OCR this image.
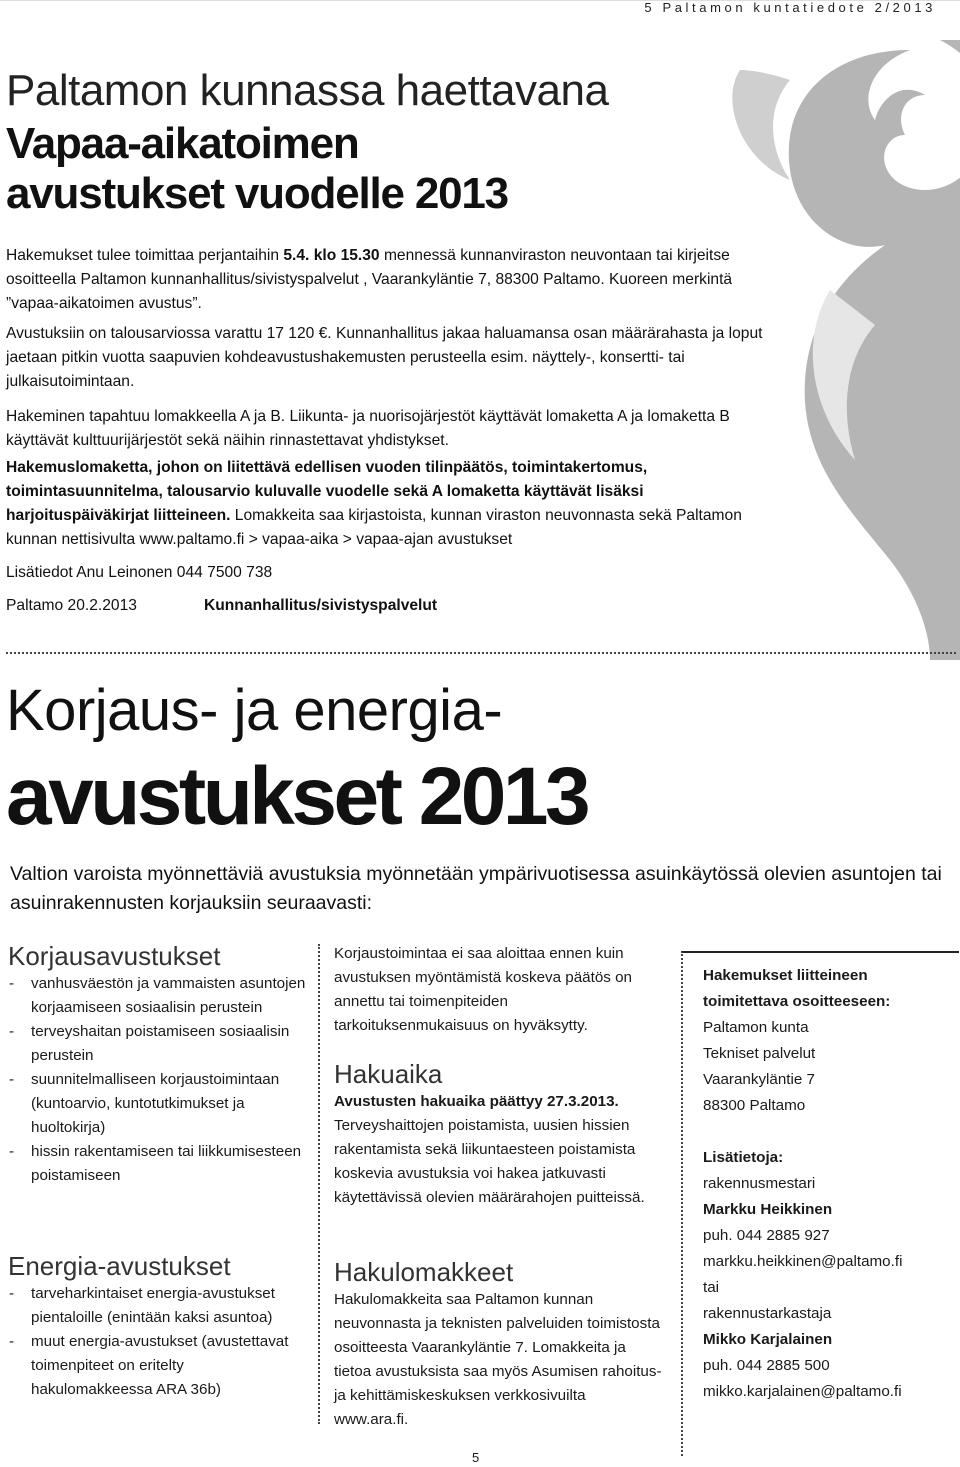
5 Paltamon kuntatiedote 2/2013
Paltamon kunnassa haettavana
Vapaa-aikatoimen
avustukset vuodelle 2013
Hakemukset tulee toimittaa perjantaihin 5.4. klo 15.30 mennessä kunnanviraston neuvontaan tai kirjeitse osoitteella Paltamon kunnanhallitus/sivistyspalvelut , Vaarankyläntie 7, 88300 Paltamo. Kuoreen merkintä ”vapaa-aikatoimen avustus”.
Avustuksiin on talousarviossa varattu 17 120 €. Kunnanhallitus jakaa haluamansa osan määrärahasta ja loput jaetaan pitkin vuotta saapuvien kohdeavustushakemusten perusteella esim. näyttely-, konsertti- tai julkaisutoimintaan.
Hakeminen tapahtuu lomakkeella A ja B. Liikunta- ja nuorisojärjestöt käyttävät lomaketta A ja lomaketta B käyttävät kulttuurijärjestöt sekä näihin rinnastettavat yhdistykset.
Hakemuslomaketta, johon on liitettävä edellisen vuoden tilinpäätös, toimintakertomus, toimintasuunnitelma, talousarvio kuluvalle vuodelle sekä A lomaketta käyttävät lisäksi harjoituspäiväkirjat liitteineen. Lomakkeita saa kirjastoista, kunnan viraston neuvonnasta sekä Paltamon kunnan nettisivulta www.paltamo.fi > vapaa-aika > vapaa-ajan avustukset
Lisätiedot Anu Leinonen 044 7500 738
Paltamo 20.2.2013	Kunnanhallitus/sivistyspalvelut
Korjaus- ja energia-
avustukset 2013
Valtion varoista myönnettäviä avustuksia myönnetään ympärivuotisessa asuinkäytössä olevien asuntojen tai asuinrakennusten korjauksiin seuraavasti:
Korjausavustukset
- vanhusväestön ja vammaisten asuntojen korjaamiseen sosiaalisin perustein
- terveyshaitan poistamiseen sosiaalisin perustein
- suunnitelmalliseen korjaustoimintaan (kuntoarvio, kuntotutkimukset ja huoltokirja)
- hissin rakentamiseen tai liikkumisesteen poistamiseen
Energia-avustukset
- tarveharkintaiset energia-avustukset pientaloille (enintään kaksi asuntoa)
- muut energia-avustukset (avustettavat toimenpiteet on eritelty hakulomakkeessa ARA 36b)
Korjaustoimintaa ei saa aloittaa ennen kuin avustuksen myöntämistä koskeva päätös on annettu tai toimenpiteiden tarkoituksenmukaisuus on hyväksytty.
Hakuaika
Avustusten hakuaika päättyy 27.3.2013.
Terveyshaittojen poistamista, uusien hissien rakentamista sekä liikuntaesteen poistamista koskevia avustuksia voi hakea jatkuvasti käytettävissä olevien määrärahojen puitteissä.
Hakulomakkeet
Hakulomakkeita saa Paltamon kunnan neuvonnasta ja teknisten palveluiden toimistosta osoitteesta Vaarankyläntie 7. Lomakkeita ja tietoa avustuksista saa myös Asumisen rahoitus- ja kehittämiskeskuksen verkkosivuilta www.ara.fi.
Hakemukset liitteineen toimitettava osoitteeseen:
Paltamon kunta
Tekniset palvelut
Vaarankyläntie 7
88300 Paltamo
Lisätietoja:
rakennusmestari
Markku Heikkinen
puh. 044 2885 927
markku.heikkinen@paltamo.fi
tai
rakennustarkastaja
Mikko Karjalainen
puh. 044 2885 500
mikko.karjalainen@paltamo.fi
5
